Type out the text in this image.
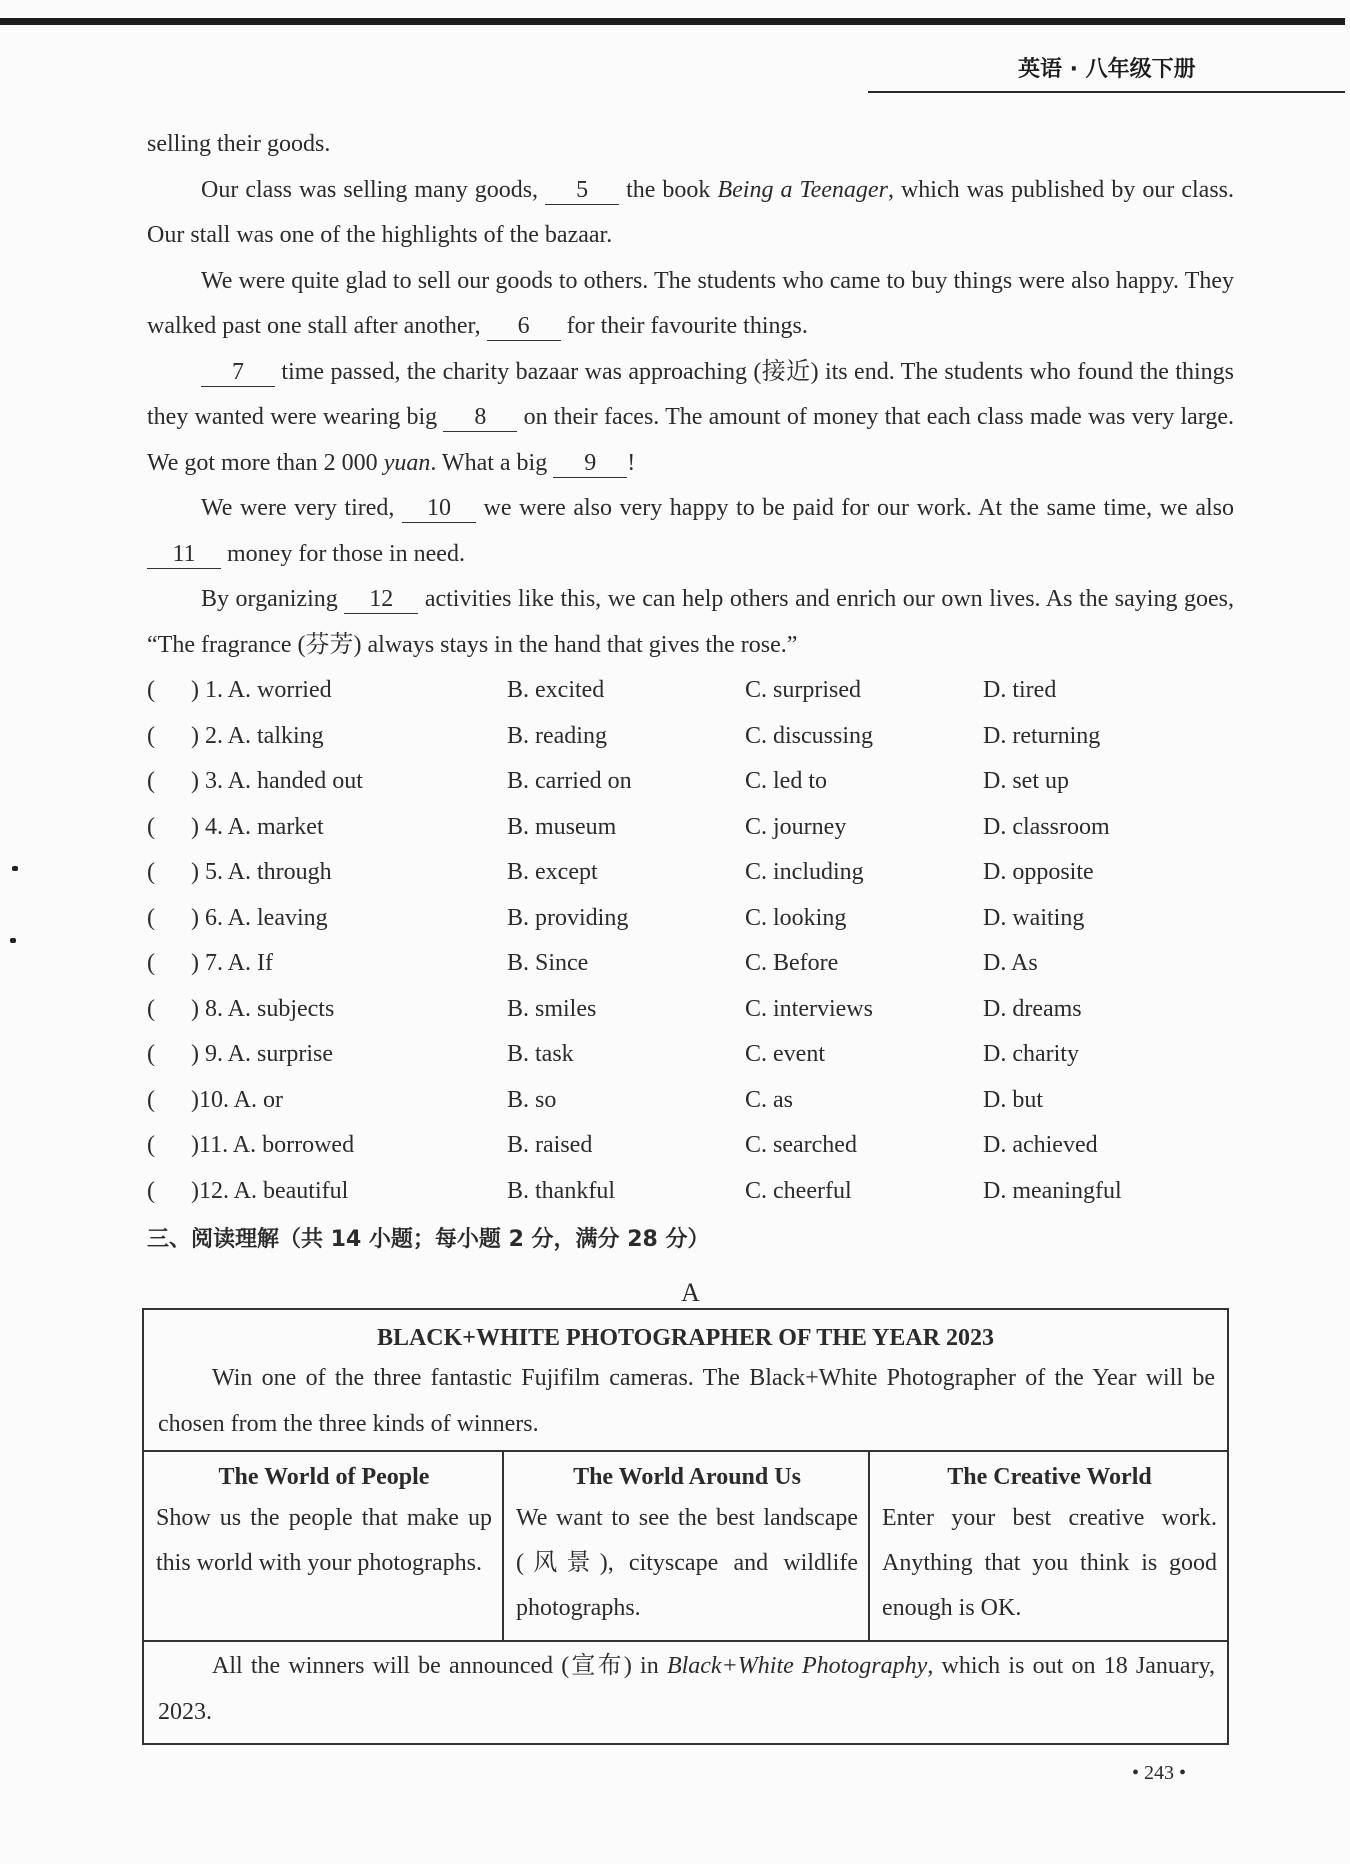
英语 · 八年级下册

selling their goods.

Our class was selling many goods, 5 the book Being a Teenager, which was published by our class. Our stall was one of the highlights of the bazaar.

We were quite glad to sell our goods to others. The students who came to buy things were also happy. They walked past one stall after another, 6 for their favourite things.

7 time passed, the charity bazaar was approaching (接近) its end. The students who found the things they wanted were wearing big 8 on their faces. The amount of money that each class made was very large. We got more than 2 000 yuan. What a big 9 !

We were very tired, 10 we were also very happy to be paid for our work. At the same time, we also 11 money for those in need.

By organizing 12 activities like this, we can help others and enrich our own lives. As the saying goes, “The fragrance (芬芳) always stays in the hand that gives the rose.”

(      ) 1. A. worried	B. excited	C. surprised	D. tired
(      ) 2. A. talking	B. reading	C. discussing	D. returning
(      ) 3. A. handed out	B. carried on	C. led to	D. set up
(      ) 4. A. market	B. museum	C. journey	D. classroom
(      ) 5. A. through	B. except	C. including	D. opposite
(      ) 6. A. leaving	B. providing	C. looking	D. waiting
(      ) 7. A. If	B. Since	C. Before	D. As
(      ) 8. A. subjects	B. smiles	C. interviews	D. dreams
(      ) 9. A. surprise	B. task	C. event	D. charity
(      )10. A. or	B. so	C. as	D. but
(      )11. A. borrowed	B. raised	C. searched	D. achieved
(      )12. A. beautiful	B. thankful	C. cheerful	D. meaningful
三、阅读理解（共 14 小题；每小题 2 分，满分 28 分）
A
BLACK+WHITE PHOTOGRAPHER OF THE YEAR 2023

Win one of the three fantastic Fujifilm cameras. The Black+White Photographer of the Year will be chosen from the three kinds of winners.

The World of People
Show us the people that make up this world with your photographs.
The World Around Us
We want to see the best landscape (风景), cityscape and wildlife photographs.
The Creative World
Enter your best creative work. Anything that you think is good enough is OK.

All the winners will be announced (宣布) in Black+White Photography, which is out on 18 January, 2023.

• 243 •
